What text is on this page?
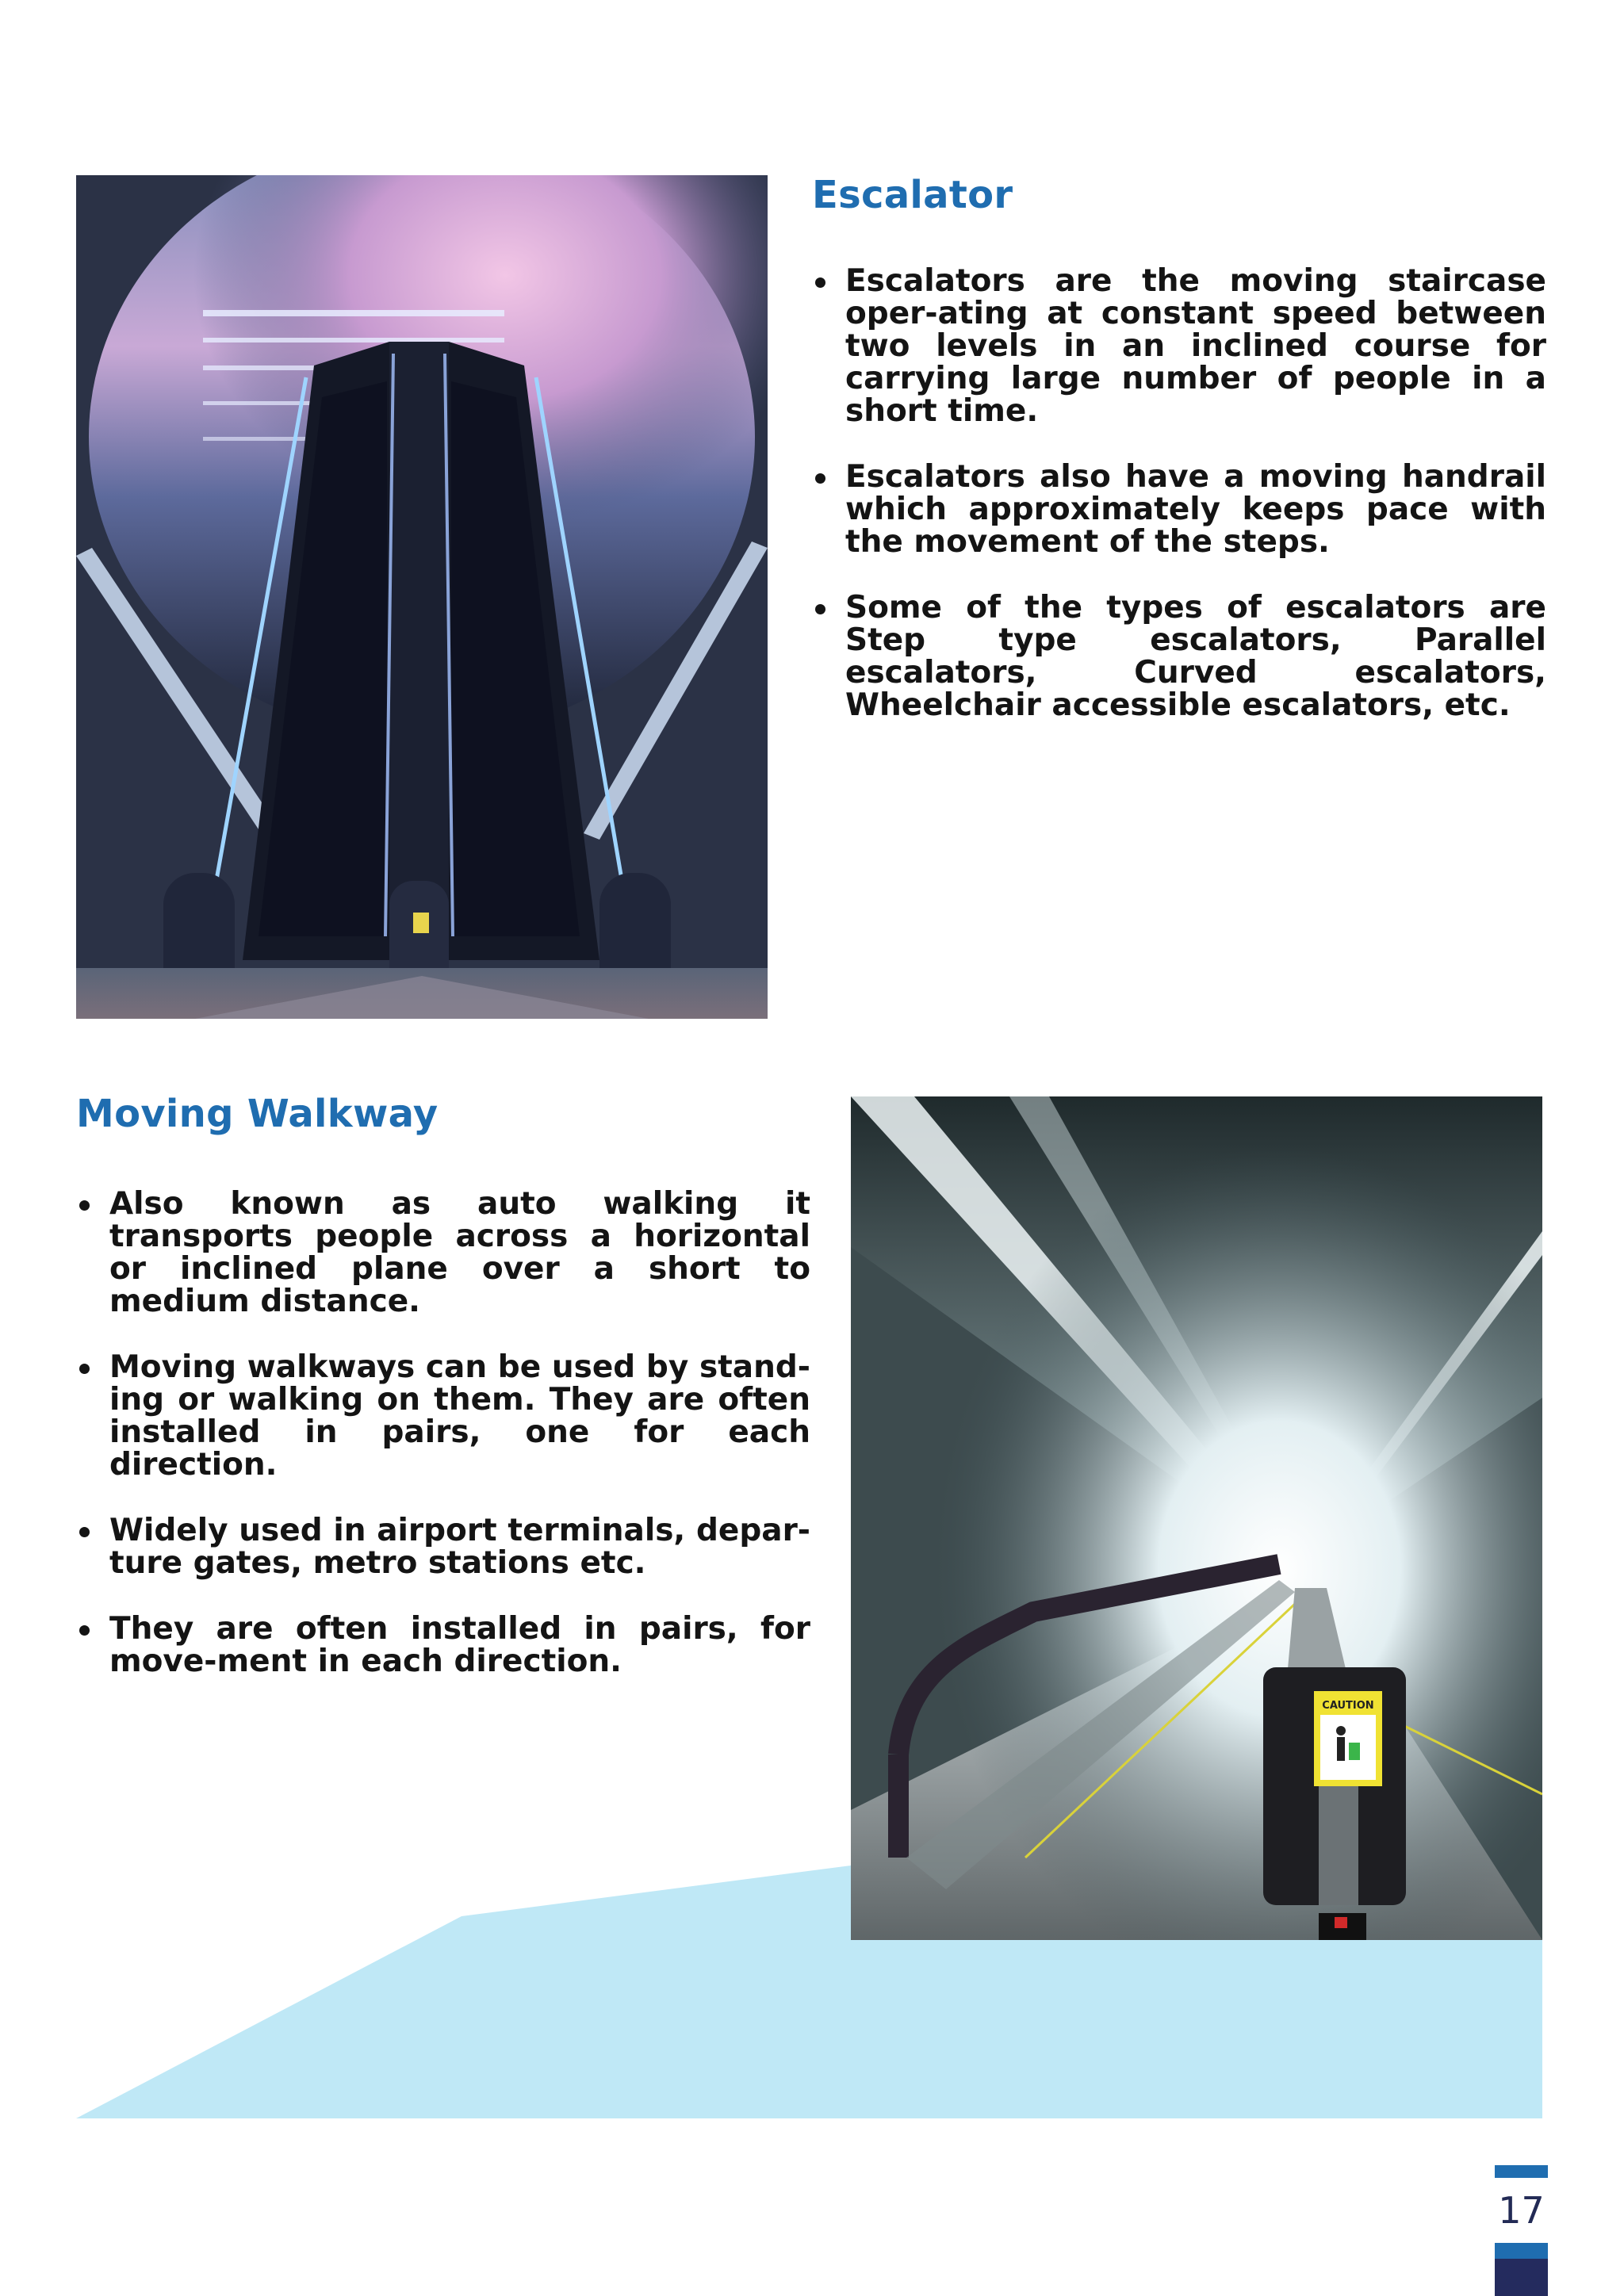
Escalator
Escalators are the moving staircase oper-ating at constant speed between two levels in an inclined course for carrying large number of people in a short time.
Escalators also have a moving handrail which approximately keeps pace with the movement of the steps.
Some of the types of escalators are Step type escalators, Parallel escalators, Curved escalators, Wheelchair accessible escalators, etc.
Moving Walkway
Also known as auto walking it transports people across a horizontal or inclined plane over a short to medium distance.
Moving walkways can be used by stand-ing or walking on them. They are often installed in pairs, one for each direction.
Widely used in airport terminals, depar-ture gates, metro stations etc.
They are often installed in pairs, for move-ment in each direction.
CAUTION
17
